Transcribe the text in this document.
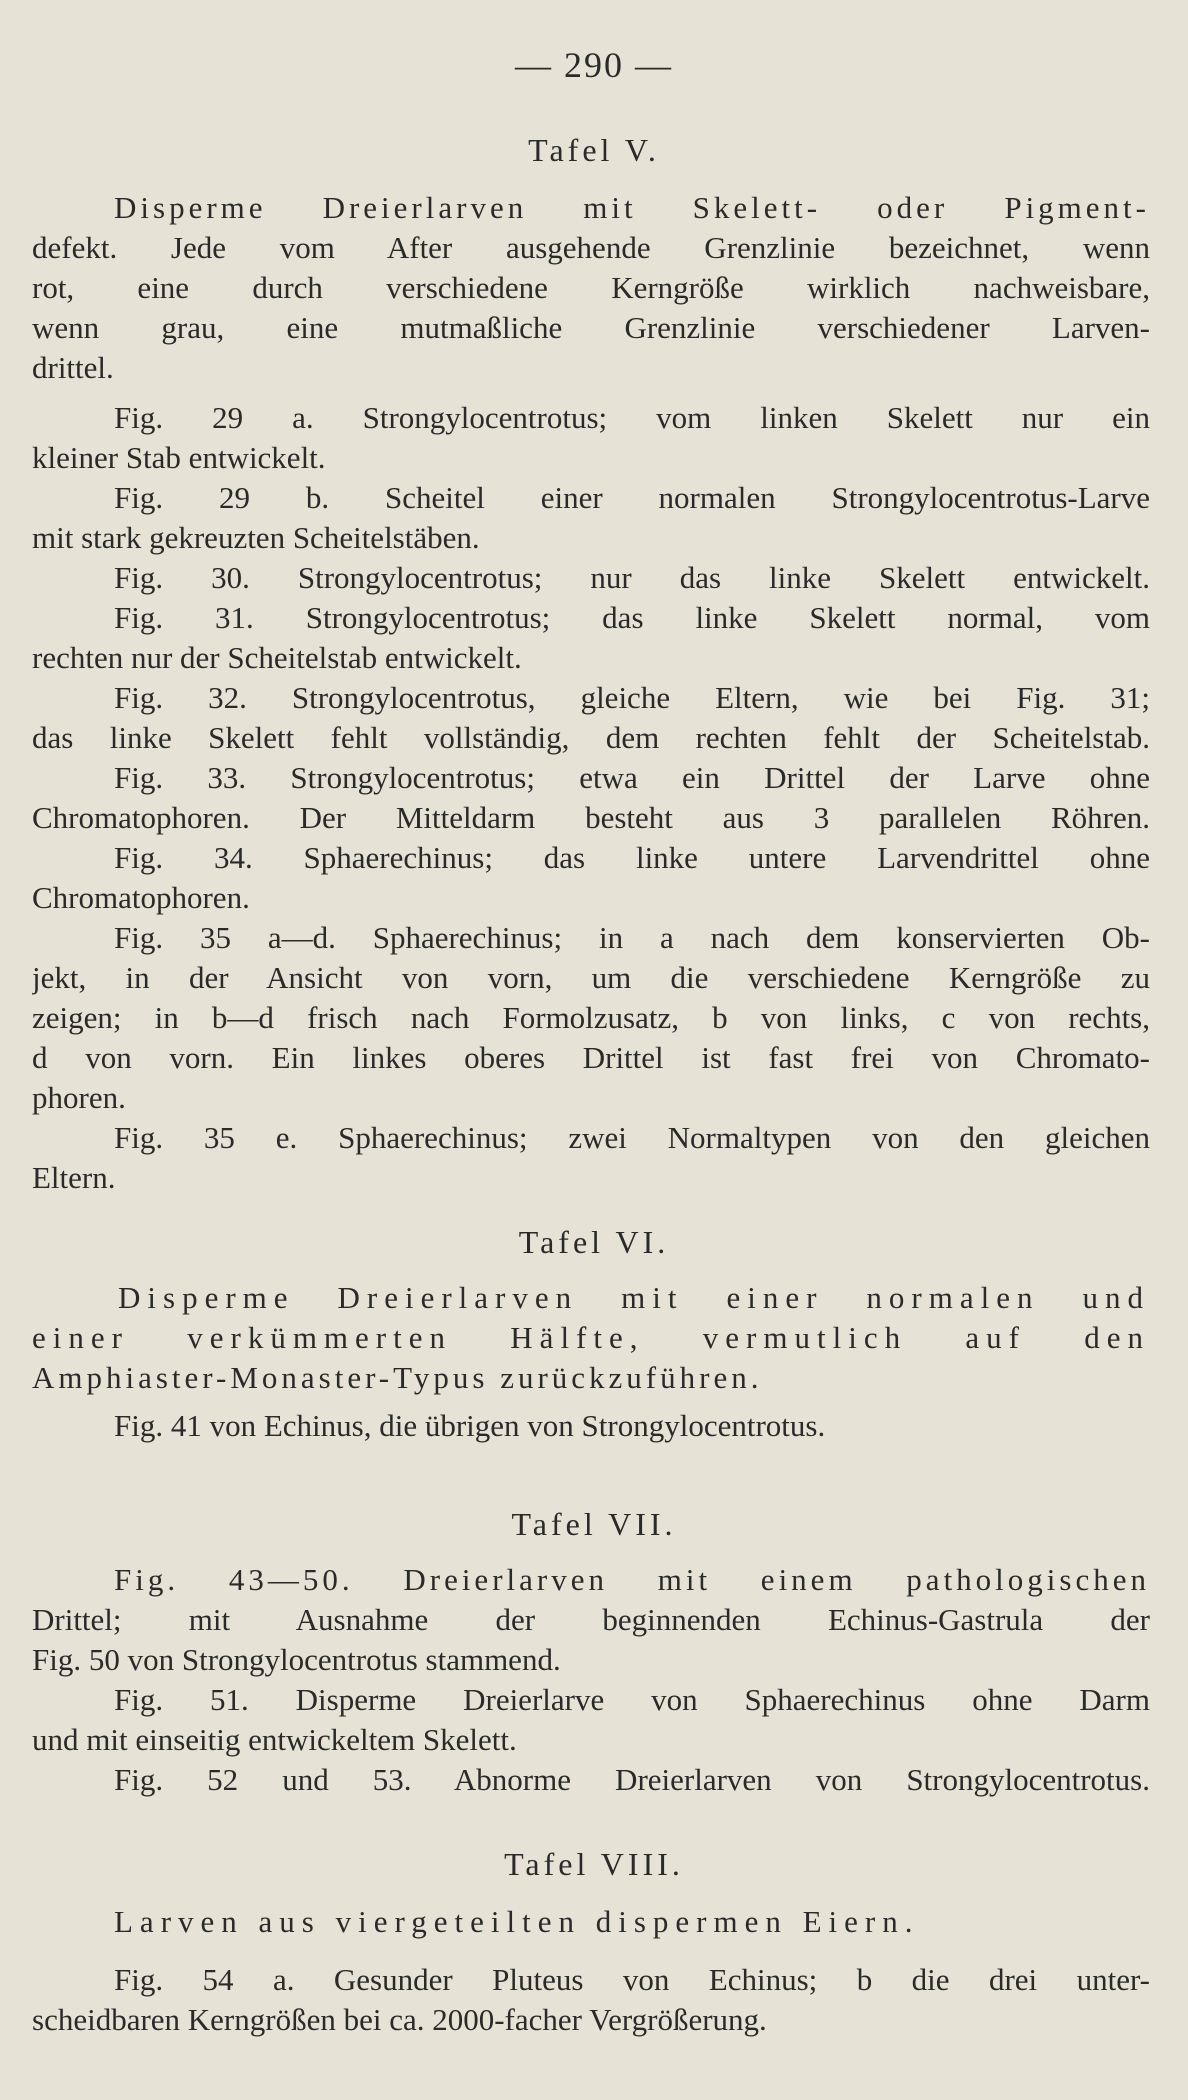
— 290 —
Tafel V.
Disperme Dreierlarven mit Skelett- oder Pigment-
defekt. Jede vom After ausgehende Grenzlinie bezeichnet, wenn
rot, eine durch verschiedene Kerngröße wirklich nachweisbare,
wenn grau, eine mutmaßliche Grenzlinie verschiedener Larven-
drittel.
Fig. 29 a. Strongylocentrotus; vom linken Skelett nur ein
kleiner Stab entwickelt.
Fig. 29 b. Scheitel einer normalen Strongylocentrotus-Larve
mit stark gekreuzten Scheitelstäben.
Fig. 30. Strongylocentrotus; nur das linke Skelett entwickelt.
Fig. 31. Strongylocentrotus; das linke Skelett normal, vom
rechten nur der Scheitelstab entwickelt.
Fig. 32. Strongylocentrotus, gleiche Eltern, wie bei Fig. 31;
das linke Skelett fehlt vollständig, dem rechten fehlt der Scheitelstab.
Fig. 33. Strongylocentrotus; etwa ein Drittel der Larve ohne
Chromatophoren. Der Mitteldarm besteht aus 3 parallelen Röhren.
Fig. 34. Sphaerechinus; das linke untere Larvendrittel ohne
Chromatophoren.
Fig. 35 a—d. Sphaerechinus; in a nach dem konservierten Ob-
jekt, in der Ansicht von vorn, um die verschiedene Kerngröße zu
zeigen; in b—d frisch nach Formolzusatz, b von links, c von rechts,
d von vorn. Ein linkes oberes Drittel ist fast frei von Chromato-
phoren.
Fig. 35 e. Sphaerechinus; zwei Normaltypen von den gleichen
Eltern.
Tafel VI.
Disperme Dreierlarven mit einer normalen und
einer verkümmerten Hälfte, vermutlich auf den
Amphiaster-Monaster-Typus zurückzuführen.
Fig. 41 von Echinus, die übrigen von Strongylocentrotus.
Tafel VII.
Fig. 43—50. Dreierlarven mit einem pathologischen
Drittel; mit Ausnahme der beginnenden Echinus-Gastrula der
Fig. 50 von Strongylocentrotus stammend.
Fig. 51. Disperme Dreierlarve von Sphaerechinus ohne Darm
und mit einseitig entwickeltem Skelett.
Fig. 52 und 53. Abnorme Dreierlarven von Strongylocentrotus.
Tafel VIII.
Larven aus viergeteilten dispermen Eiern.
Fig. 54 a. Gesunder Pluteus von Echinus; b die drei unter-
scheidbaren Kerngrößen bei ca. 2000-facher Vergrößerung.
